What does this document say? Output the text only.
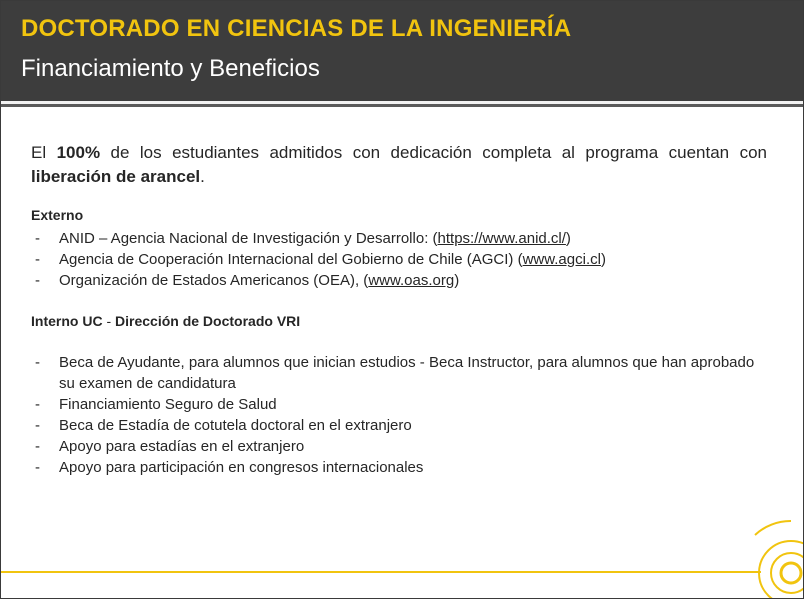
DOCTORADO EN CIENCIAS DE LA INGENIERÍA
Financiamiento y Beneficios

El 100% de los estudiantes admitidos con dedicación completa al programa cuentan con liberación de arancel.

Externo
- ANID – Agencia Nacional de Investigación y Desarrollo: (https://www.anid.cl/)
- Agencia de Cooperación Internacional del Gobierno de Chile (AGCI) (www.agci.cl)
- Organización de Estados Americanos (OEA), (www.oas.org)

Interno UC - Dirección de Doctorado VRI

- Beca de Ayudante, para alumnos que inician estudios - Beca Instructor, para alumnos que han aprobado su examen de candidatura
- Financiamiento Seguro de Salud
- Beca de Estadía de cotutela doctoral en el extranjero
- Apoyo para estadías en el extranjero
- Apoyo para participación en congresos internacionales
